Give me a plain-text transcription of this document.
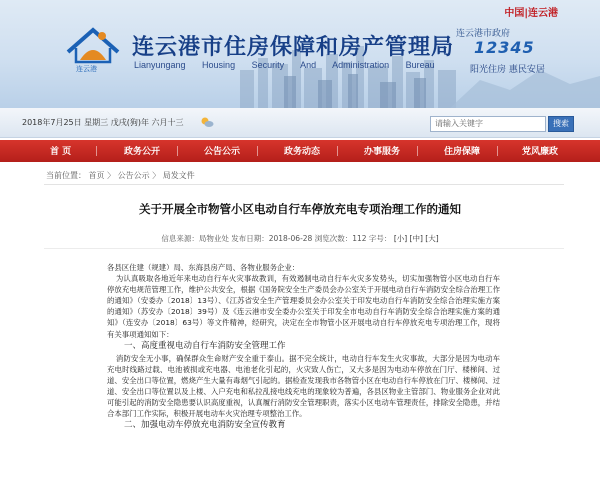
连云港
连云港市住房保障和房产管理局
Lianyungang Housing Security And Administration Bureau
中国|连云港
连云港市政府
12345
阳光住房 惠民安居
2018年7月25日 星期三 戊戌(狗)年 六月十三	请输入关键字	搜索
首 页	政务公开	公告公示	政务动态	办事服务	住房保障	党风廉政
当前位置： 首页 〉 公告公示 〉 局发文件
关于开展全市物管小区电动自行车停放充电专项治理工作的通知
信息来源：局物业处 发布日期：2018-06-28 浏览次数：112 字号： [小] [中] [大]

各县区住建（规建）局、东海县房产局、各物业服务企业：

为认真吸取各地近年来电动自行车火灾事故教训，有效遏制电动自行车火灾多发势头，切实加强物管小区电动自行车停放充电规范管理工作，维护公共安全，根据《国务院安全生产委员会办公室关于开展电动自行车消防安全综合治理工作的通知》（安委办〔2018〕13号）、《江苏省安全生产管理委员会办公室关于印发电动自行车消防安全综合治理实施方案的通知》（苏安办〔2018〕39号）及《连云港市安全委办公室关于印发全市电动自行车消防安全综合治理实施方案的通知》（连安办〔2018〕63号）等文件精神，经研究，决定在全市物管小区开展电动自行车停放充电专项治理工作，现将有关事项通知如下：

一、高度重视电动自行车消防安全管理工作

消防安全无小事，确保群众生命财产安全重于泰山。据不完全统计，电动自行车发生火灾事故，大部分是因为电动车充电时线路过载、电池被损或充电器、电池老化引起的，火灾致人伤亡，又大多是因为电动车停放在门厅、楼梯间、过道、安全出口等位置，燃烧产生大量有毒烟气引起的。据检查发现我市各物管小区在电动自行车停放在门厅、楼梯间、过道、安全出口等位置以及上楼、入户充电和私拉乱接电线充电的现象较为普遍，各县区物业主管部门、物业服务企业对此可能引起的消防安全隐患要认识高度重视，认真履行消防安全管理职责，落实小区电动车管理责任，排除安全隐患，并结合本部门工作实际，积极开展电动车火灾治理专项整治工作。

二、加强电动车停放充电消防安全宣传教育
